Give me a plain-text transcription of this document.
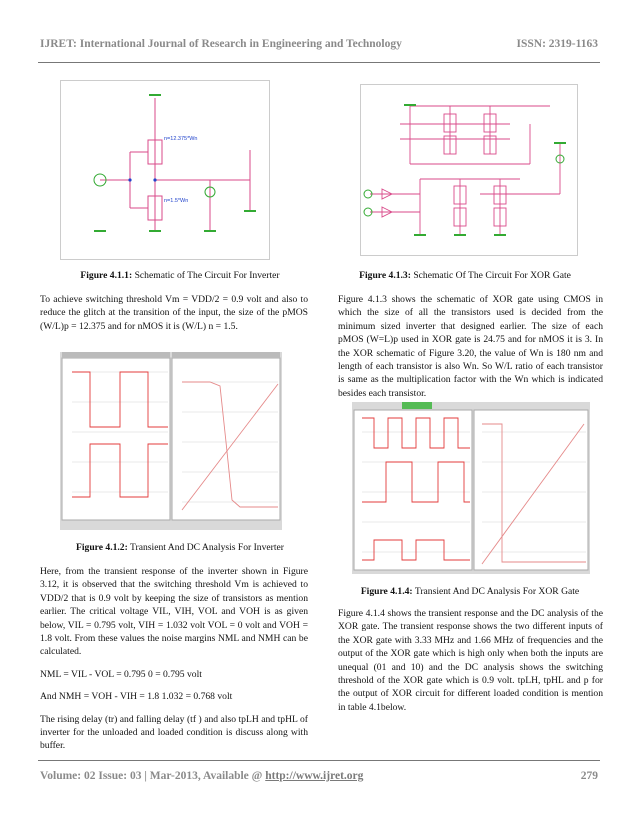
IJRET: International Journal of Research in Engineering and Technology	ISSN: 2319-1163
n=12.375*Wn
n=1.5*Wn
Figure 4.1.1: Schematic of The Circuit For Inverter

To achieve switching threshold Vm = VDD/2 = 0.9 volt and also to reduce the glitch at the transition of the input, the size of the pMOS (W/L)p = 12.375 and for nMOS it is (W/L) n = 1.5.

Figure 4.1.2: Transient And DC Analysis For Inverter

Here, from the transient response of the inverter shown in Figure 3.12, it is observed that the switching threshold Vm is achieved to VDD/2 that is 0.9 volt by keeping the size of transistors as mention earlier. The critical voltage VIL, VIH, VOL and VOH is as given below, VIL = 0.795 volt, VIH = 1.032 volt VOL = 0 volt and VOH = 1.8 volt. From these values the noise margins NML and NMH can be calculated.

NML = VIL - VOL = 0.795 0 = 0.795 volt

And NMH = VOH - VIH = 1.8 1.032 = 0.768 volt

The rising delay (tr) and falling delay (tf ) and also tpLH and tpHL of inverter for the unloaded and loaded condition is discuss along with buffer.

Figure 4.1.3: Schematic Of The Circuit For XOR Gate

Figure 4.1.3 shows the schematic of XOR gate using CMOS in which the size of all the transistors used is decided from the minimum sized inverter that designed earlier. The size of each pMOS (W=L)p used in XOR gate is 24.75 and for nMOS it is 3. In the XOR schematic of Figure 3.20, the value of Wn is 180 nm and length of each transistor is also Wn. So W/L ratio of each transistor is same as the multiplication factor with the Wn which is indicated besides each transistor.

Figure 4.1.4: Transient And DC Analysis For XOR Gate

Figure 4.1.4 shows the transient response and the DC analysis of the XOR gate. The transient response shows the two different inputs of the XOR gate with 3.33 MHz and 1.66 MHz of frequencies and the output of the XOR gate which is high only when both the inputs are unequal (01 and 10) and the DC analysis shows the switching threshold of the XOR gate which is 0.9 volt. tpLH, tpHL and p for the output of XOR circuit for different loaded condition is mention in table 4.1below.

Volume: 02 Issue: 03 | Mar-2013, Available @ http://www.ijret.org	279
